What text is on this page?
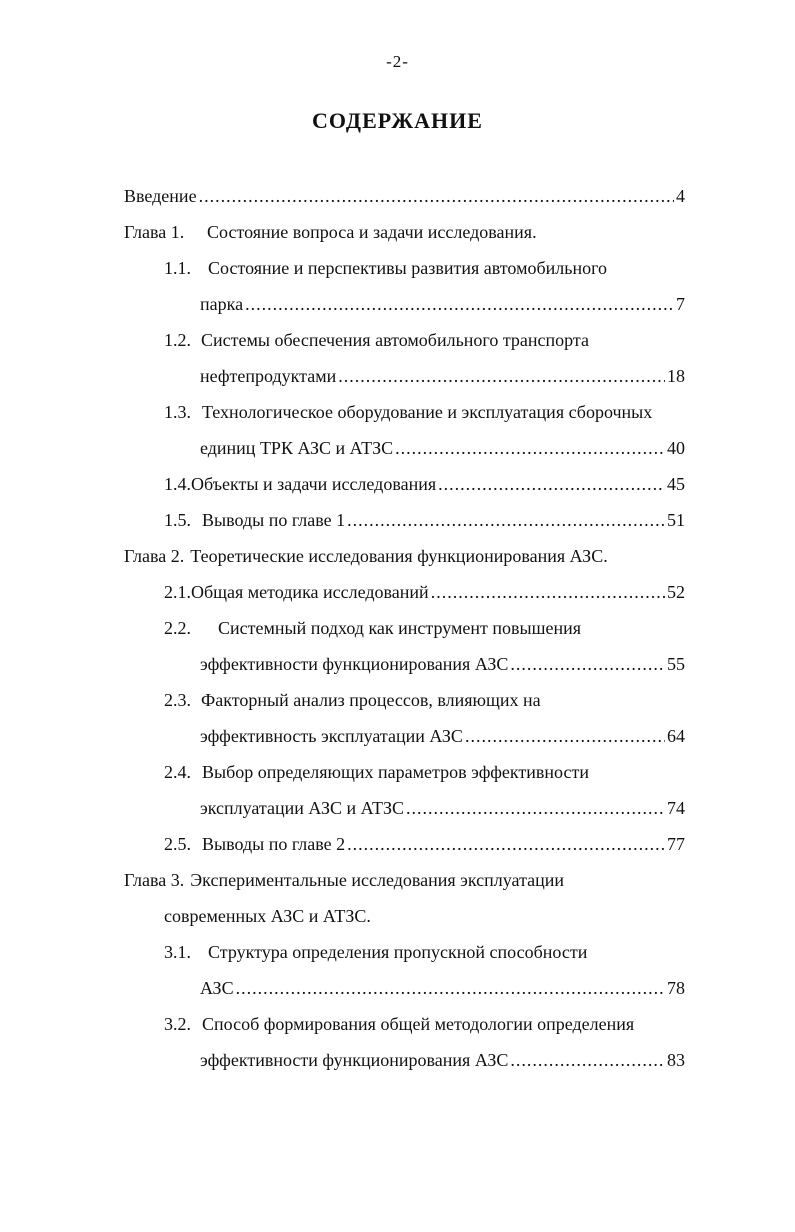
-2-
СОДЕРЖАНИЕ
Введение .....	4
Глава 1.	Состояние вопроса и задачи исследования.
1.1. Состояние и перспективы развития автомобильного
парка .....	7
1.2. Системы обеспечения автомобильного транспорта
нефтепродуктами .....	18
1.3. Технологическое оборудование и эксплуатация сборочных
единиц ТРК АЗС и АТЗС .....	40
1.4. Объекты и задачи исследования .....	45
1.5. Выводы по главе 1 .....	51
Глава 2. Теоретические исследования функционирования АЗС.
2.1. Общая методика исследований .....	52
2.2.	Системный подход как инструмент повышения
эффективности функционирования АЗС .....	55
2.3. Факторный анализ процессов, влияющих на
эффективность эксплуатации АЗС .....	64
2.4. Выбор определяющих параметров эффективности
эксплуатации АЗС и АТЗС .....	74
2.5. Выводы по главе 2 .....	77
Глава 3. Экспериментальные исследования эксплуатации
современных АЗС и АТЗС.
3.1. Структура определения пропускной способности
АЗС .....	78
3.2. Способ формирования общей методологии определения
эффективности функционирования АЗС .....	83
